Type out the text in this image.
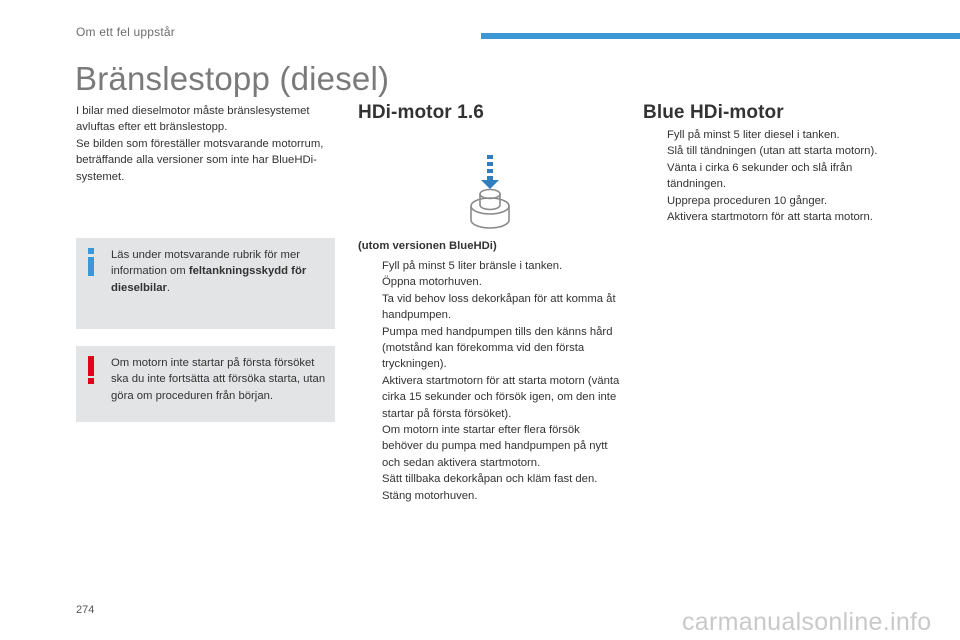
Om ett fel uppstår
Bränslestopp (diesel)

I bilar med dieselmotor måste bränslesystemet avluftas efter ett bränslestopp.

Se bilden som föreställer motsvarande motorrum, beträffande alla versioner som inte har BlueHDi-systemet.

Läs under motsvarande rubrik för mer information om feltankningsskydd för dieselbilar.
Om motorn inte startar på första försöket ska du inte fortsätta att försöka starta, utan göra om proceduren från början.
HDi-motor 1.6
(utom versionen BlueHDi)
Fyll på minst 5 liter bränsle i tanken.
Öppna motorhuven.
Ta vid behov loss dekorkåpan för att komma åt handpumpen.
Pumpa med handpumpen tills den känns hård (motstånd kan förekomma vid den första tryckningen).
Aktivera startmotorn för att starta motorn (vänta cirka 15 sekunder och försök igen, om den inte startar på första försöket).
Om motorn inte startar efter flera försök behöver du pumpa med handpumpen på nytt och sedan aktivera startmotorn.
Sätt tillbaka dekorkåpan och kläm fast den.
Stäng motorhuven.
Blue HDi-motor
Fyll på minst 5 liter diesel i tanken.
Slå till tändningen (utan att starta motorn).
Vänta i cirka 6 sekunder och slå ifrån tändningen.
Upprepa proceduren 10 gånger.
Aktivera startmotorn för att starta motorn.
274	carmanualsonline.info
